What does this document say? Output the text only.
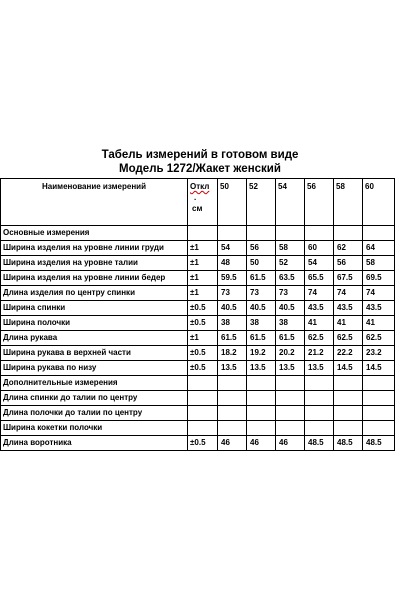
Табель измерений в готовом виде
Модель 1272/Жакет женский
Наименование измерений	Откл
.
см	50	52	54	56	58	60
Основные измерения							
Ширина изделия на уровне линии груди	±1	54	56	58	60	62	64
Ширина изделия на уровне талии	±1	48	50	52	54	56	58
Ширина изделия на уровне линии бедер	±1	59.5	61.5	63.5	65.5	67.5	69.5
Длина изделия по центру спинки	±1	73	73	73	74	74	74
Ширина спинки	±0.5	40.5	40.5	40.5	43.5	43.5	43.5
Ширина полочки	±0.5	38	38	38	41	41	41
Длина рукава	±1	61.5	61.5	61.5	62.5	62.5	62.5
Ширина рукава в верхней части	±0.5	18.2	19.2	20.2	21.2	22.2	23.2
Ширина рукава по низу	±0.5	13.5	13.5	13.5	13.5	14.5	14.5
Дополнительные измерения							
Длина спинки до талии по центру							
Длина полочки до талии по центру							
Ширина кокетки полочки							
Длина воротника	±0.5	46	46	46	48.5	48.5	48.5
